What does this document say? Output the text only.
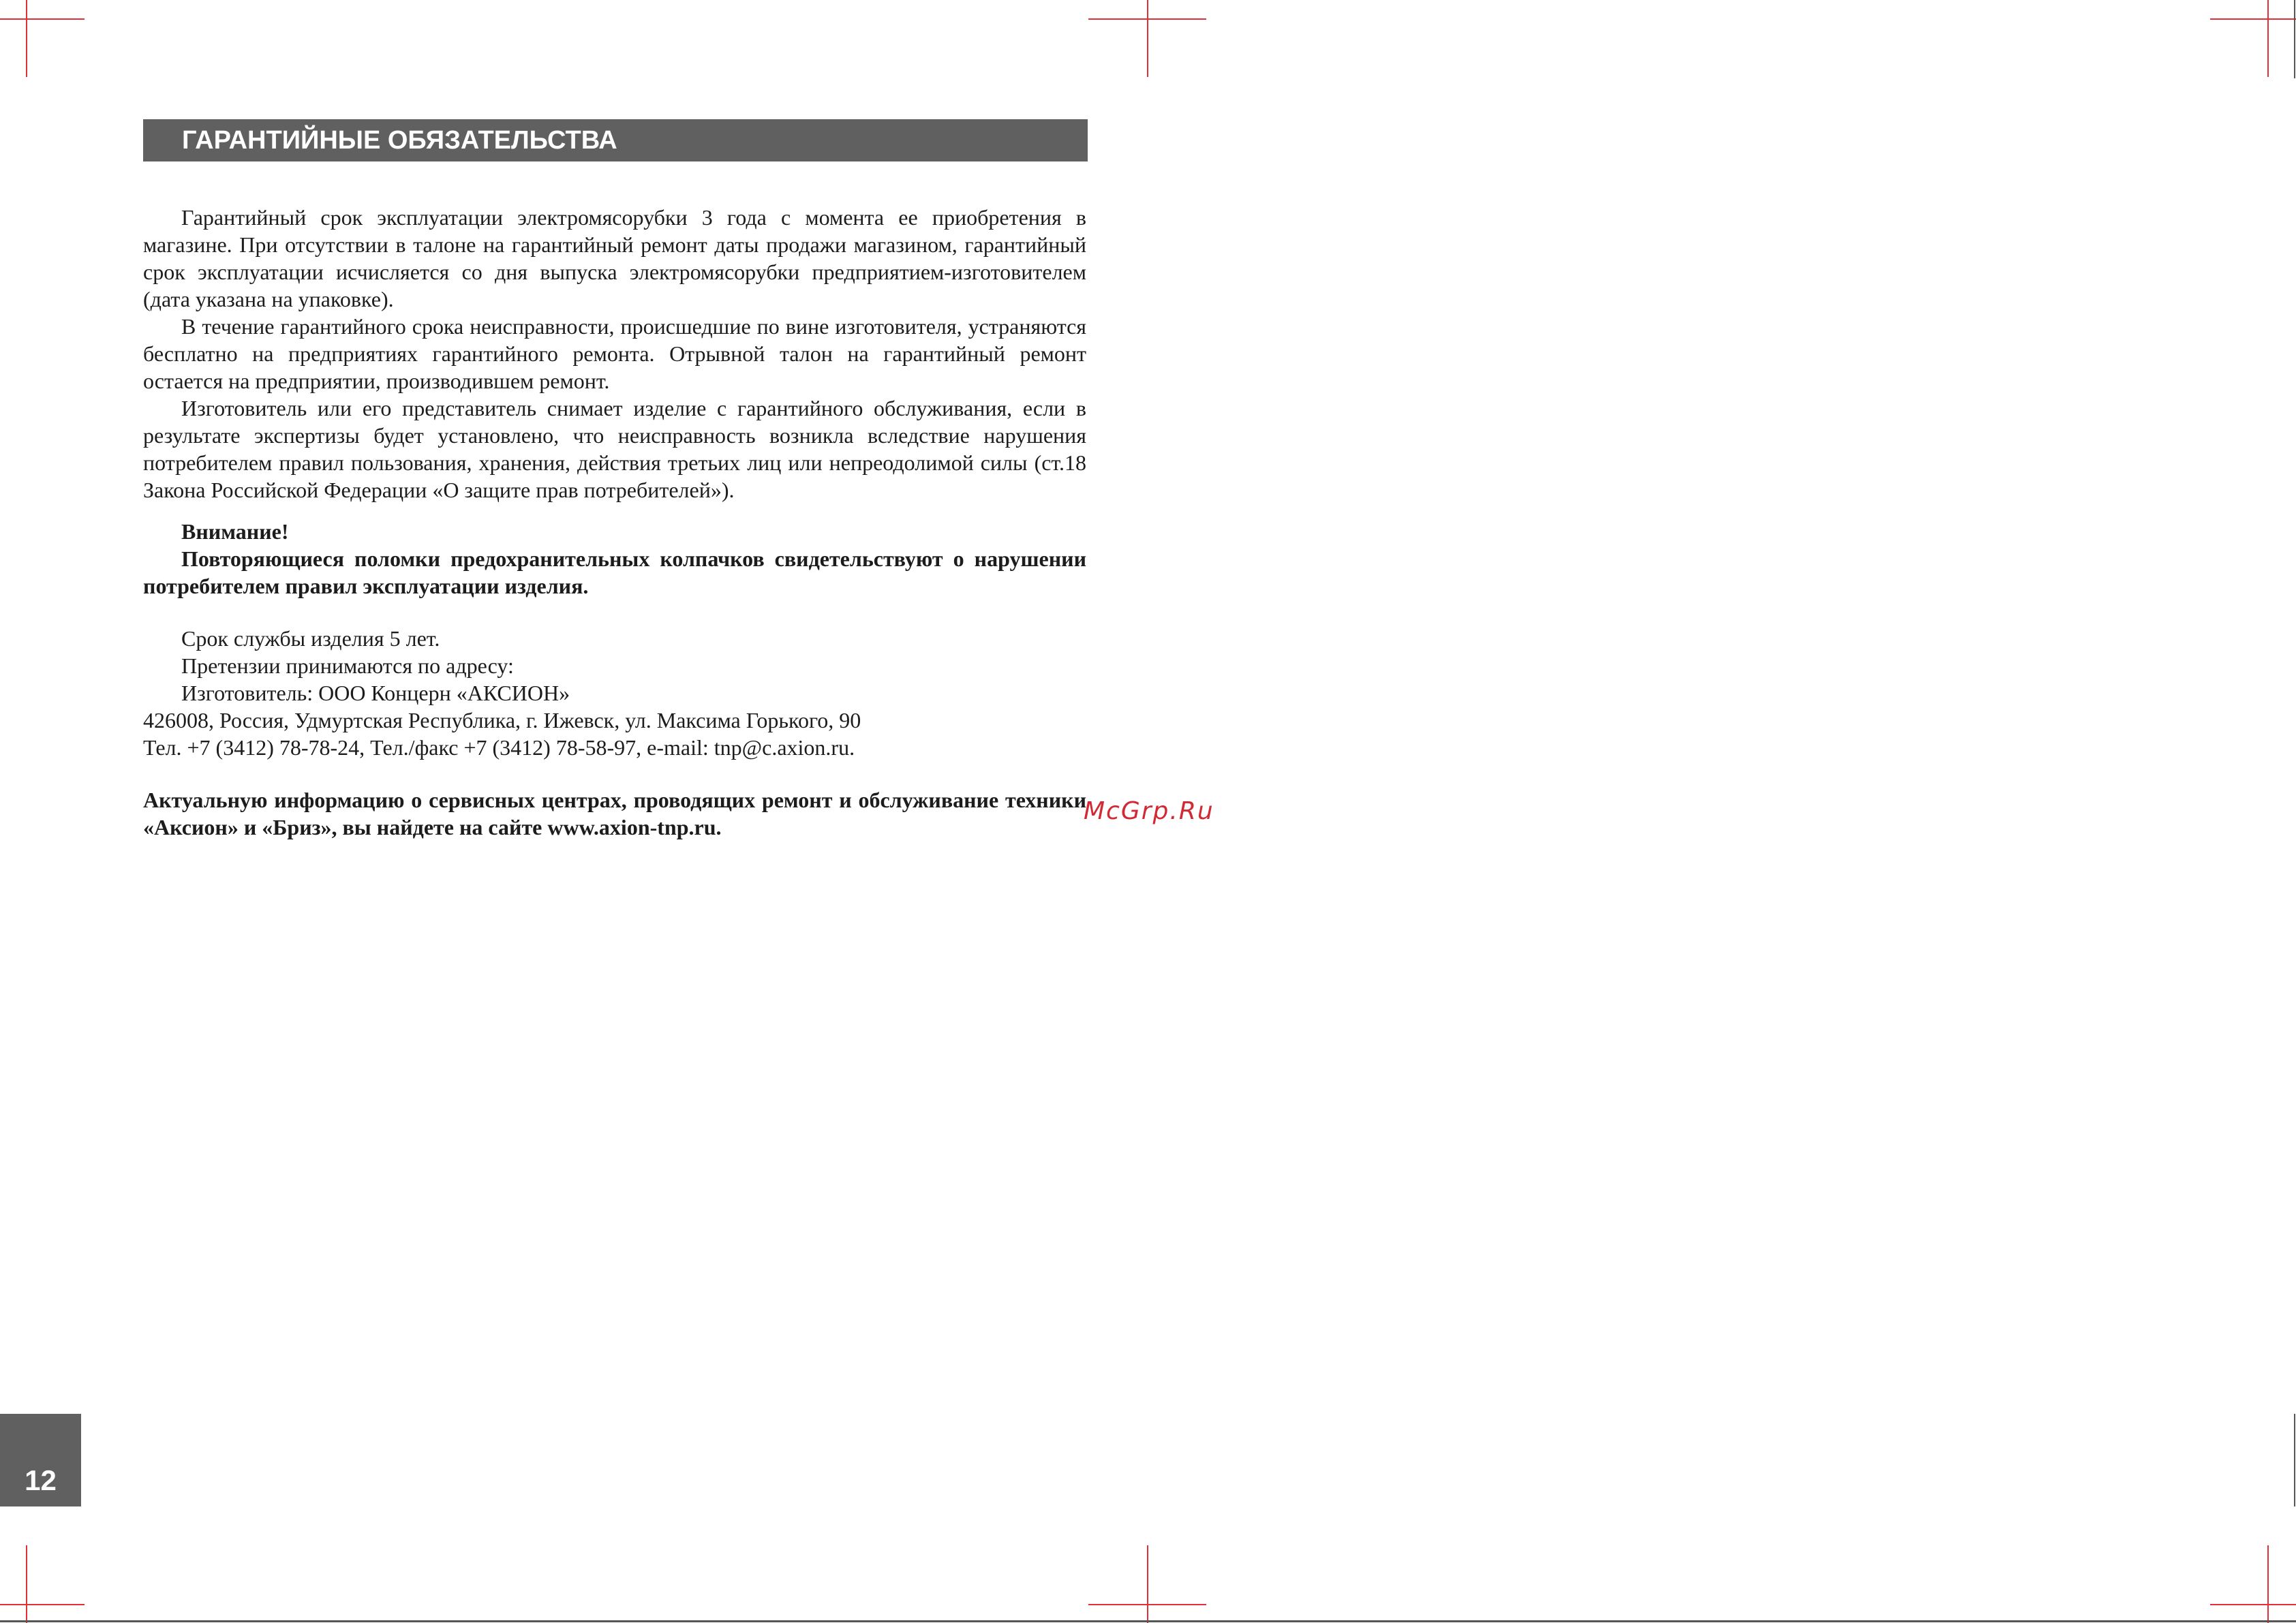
ГАРАНТИЙНЫЕ ОБЯЗАТЕЛЬСТВА

Гарантийный срок эксплуатации электромясорубки 3 года с момента ее приобретения в магазине. При отсутствии в талоне на гарантийный ремонт даты продажи магазином, гарантийный срок эксплуатации исчисляется со дня выпуска электромясорубки предприятием-изготовителем (дата указана на упаковке).

В течение гарантийного срока неисправности, происшедшие по вине изготовителя, устраняются бесплатно на предприятиях гарантийного ремонта. Отрывной талон на гарантийный ремонт остается на предприятии, производившем ремонт.

Изготовитель или его представитель снимает изделие с гарантийного обслуживания, если в результате экспертизы будет установлено, что неисправность возникла вследствие нарушения потребителем правил пользования, хранения, действия третьих лиц или непреодолимой силы (ст.18 Закона Российской Федерации «О защите прав потребителей»).

Внимание!

Повторяющиеся поломки предохранительных колпачков свидетельствуют о нарушении потребителем правил эксплуатации изделия.

Срок службы изделия 5 лет.

Претензии принимаются по адресу:

Изготовитель: ООО Концерн «АКСИОН»

426008, Россия, Удмуртская Республика, г. Ижевск, ул. Максима Горького, 90

Тел. +7 (3412) 78-78-24, Тел./факс +7 (3412) 78-58-97, e-mail: tnp@c.axion.ru.

Актуальную информацию о сервисных центрах, проводящих ремонт и обслуживание техники «Аксион» и «Бриз», вы найдете на сайте www.axion-tnp.ru.

McGrp.Ru
12
